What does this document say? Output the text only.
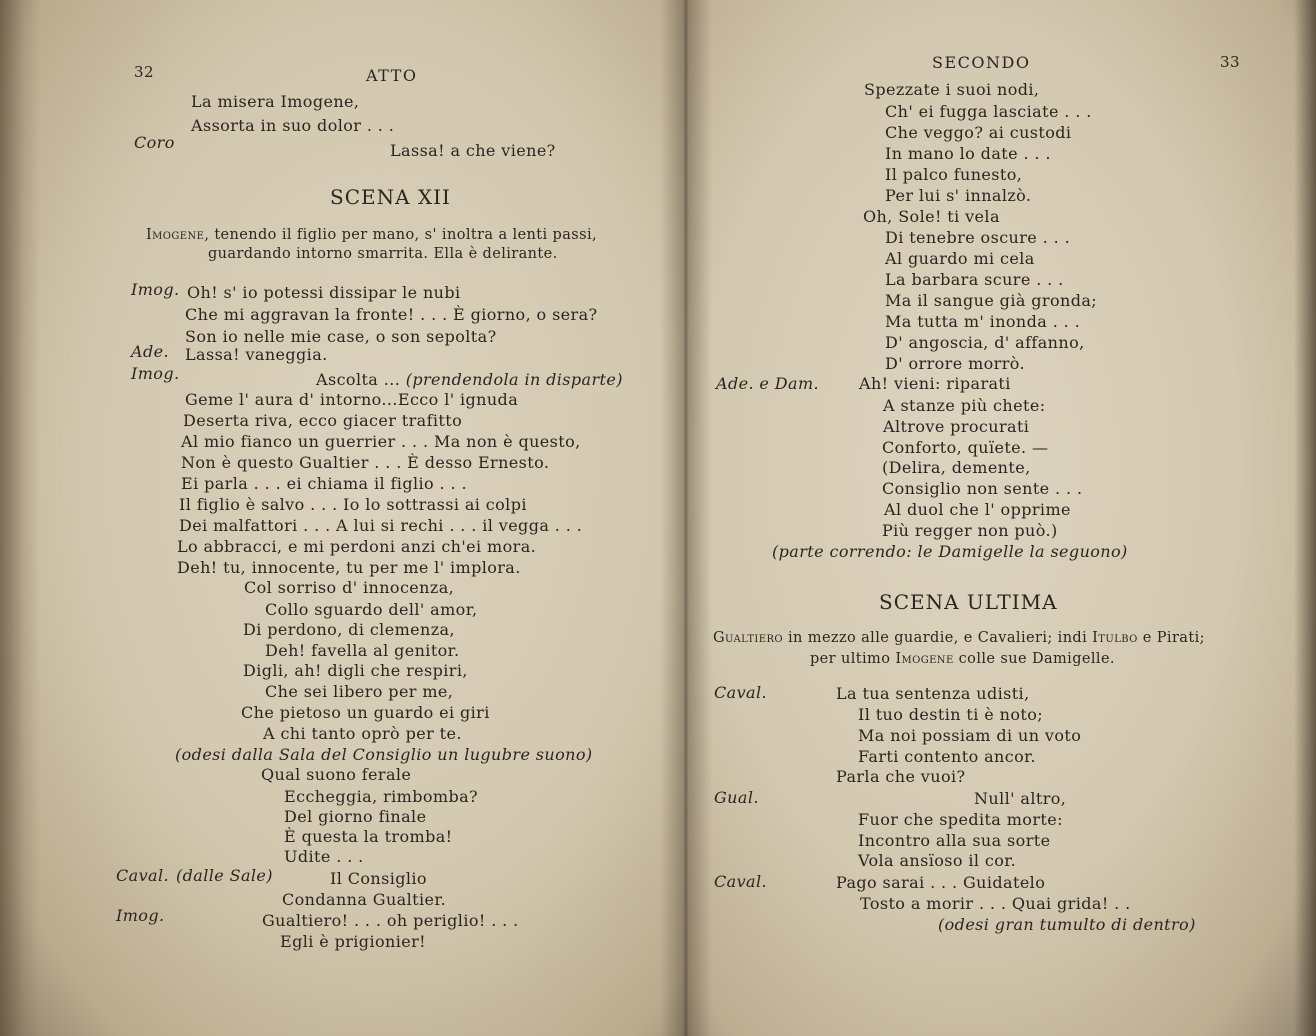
32	ATTO
La misera Imogene,
Assorta in suo dolor . . .
Coro	Lassa! a che viene?
SCENA XII
Imogene, tenendo il figlio per mano, s' inoltra a lenti passi,
guardando intorno smarrita. Ella è delirante.
Imog. Oh! s' io potessi dissipar le nubi
Che mi aggravan la fronte! . . . È giorno, o sera?
Son io nelle mie case, o son sepolta?
Ade. Lassa! vaneggia.
Imog.	Ascolta ... (prendendola in disparte)
Geme l' aura d' intorno...Ecco l' ignuda
Deserta riva, ecco giacer trafitto
Al mio fianco un guerrier . . . Ma non è questo,
Non è questo Gualtier . . . È desso Ernesto.
Ei parla . . . ei chiama il figlio . . .
Il figlio è salvo . . . Io lo sottrassi ai colpi
Dei malfattori . . . A lui si rechi . . . il vegga . . .
Lo abbracci, e mi perdoni anzi ch'ei mora.
Deh! tu, innocente, tu per me l' implora.
Col sorriso d' innocenza,
Collo sguardo dell' amor,
Di perdono, di clemenza,
Deh! favella al genitor.
Digli, ah! digli che respiri,
Che sei libero per me,
Che pietoso un guardo ei giri
A chi tanto oprò per te.
(odesi dalla Sala del Consiglio un lugubre suono)
Qual suono ferale
Eccheggia, rimbomba?
Del giorno finale
È questa la tromba!
Udite . . .
Caval. (dalle Sale)	Il Consiglio
Condanna Gualtier.
Imog.	Gualtiero! . . . oh periglio! . . .
Egli è prigionier!
SECONDO	33
Spezzate i suoi nodi,
Ch' ei fugga lasciate . . .
Che veggo? ai custodi
In mano lo date . . .
Il palco funesto,
Per lui s' innalzò.
Oh, Sole! ti vela
Di tenebre oscure . . .
Al guardo mi cela
La barbara scure . . .
Ma il sangue già gronda;
Ma tutta m' inonda . . .
D' angoscia, d' affanno,
D' orrore morrò.
Ade. e Dam. Ah! vieni: riparati
A stanze più chete:
Altrove procurati
Conforto, quïete. —
(Delira, demente,
Consiglio non sente . . .
Al duol che l' opprime
Più regger non può.)
(parte correndo: le Damigelle la seguono)
SCENA ULTIMA
Gualtiero in mezzo alle guardie, e Cavalieri; indi Itulbo e Pirati;
per ultimo Imogene colle sue Damigelle.
Caval.	La tua sentenza udisti,
Il tuo destin ti è noto;
Ma noi possiam di un voto
Farti contento ancor.
Parla che vuoi?
Gual.	Null' altro,
Fuor che spedita morte:
Incontro alla sua sorte
Vola ansïoso il cor.
Caval.	Pago sarai . . . Guidatelo
Tosto a morir . . . Quai grida! . .
(odesi gran tumulto di dentro)
